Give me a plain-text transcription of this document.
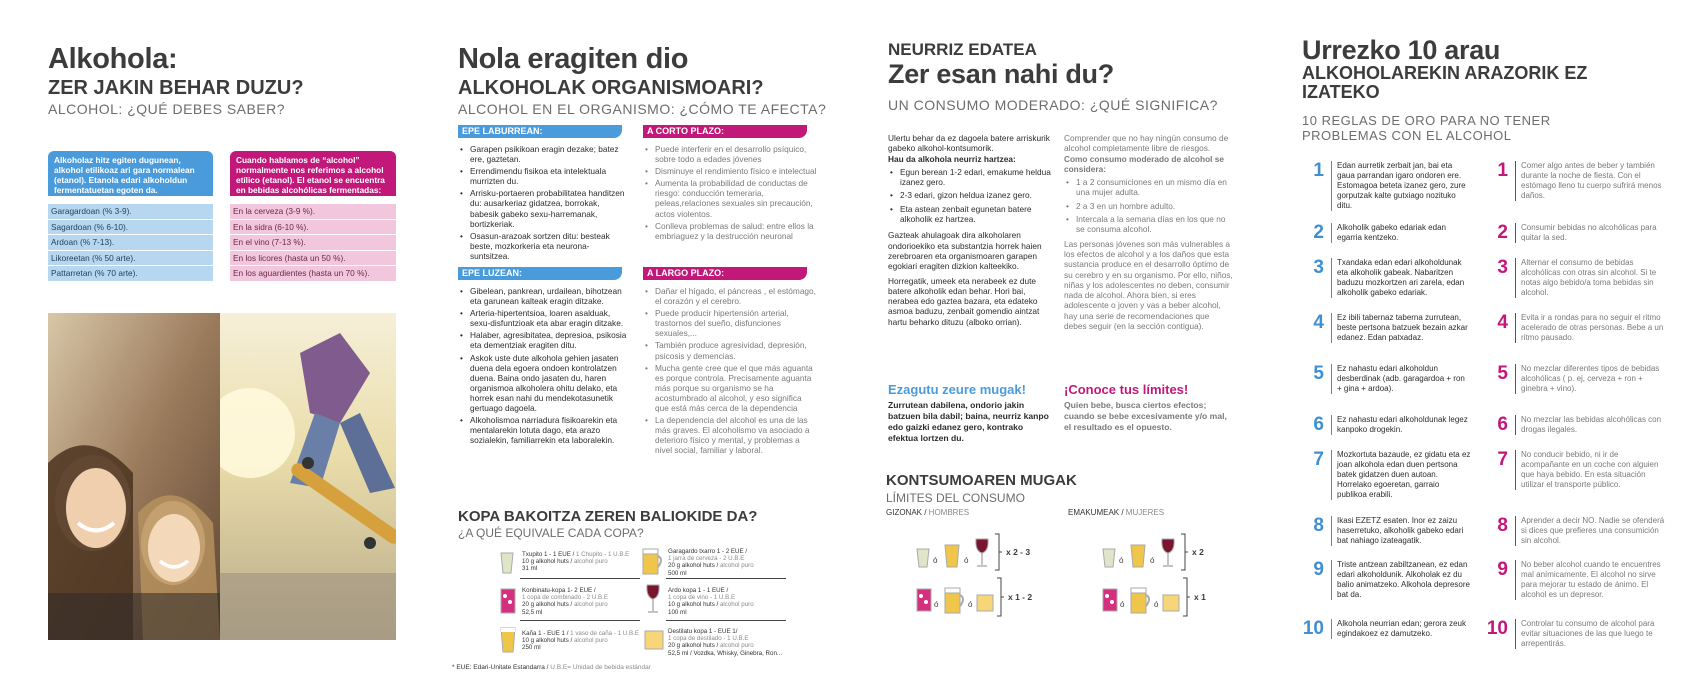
Alkohola:
ZER JAKIN BEHAR DUZU?
ALCOHOL: ¿QUÉ DEBES SABER?
Alkoholaz hitz egiten dugunean, alkohol etilikoaz ari gara normalean (etanol). Etanola edari alkoholdun fermentatuetan egoten da.
Cuando hablamos de “alcohol” normalmente nos referimos a alcohol etílico (etanol). El etanol se encuentra en bebidas alcohólicas fermentadas:
Garagardoan (% 3-9).
Sagardoan (% 6-10).
Ardoan (% 7-13).
Likoreetan (% 50 arte).
Pattarretan (% 70 arte).
En la cerveza (3-9 %).
En la sidra (6-10 %).
En el vino (7-13 %).
En los licores (hasta un 50 %).
En los aguardientes (hasta un 70 %).
Nola eragiten dio
ALKOHOLAK ORGANISMOARI?
ALCOHOL EN EL ORGANISMO: ¿CÓMO TE AFECTA?
EPE LABURREAN:	A CORTO PLAZO:
• Garapen psikikoan eragin dezake; batez ere, gaztetan.
• Errendimendu fisikoa eta intelektuala murrizten du.
• Arrisku-portaeren probabilitatea handitzen du: ausarkeriaz gidatzea, borrokak, babesik gabeko sexu-harremanak, bortizkeriak.
• Osasun-arazoak sortzen ditu: besteak beste, mozkorkeria eta neurona-suntsitzea.
• Puede interferir en el desarrollo psíquico, sobre todo a edades jóvenes
• Disminuye el rendimiento físico e intelectual
• Aumenta la probabilidad de conductas de riesgo: conducción temeraria, peleas,relaciones sexuales sin precaución, actos violentos.
• Conlleva problemas de salud: entre ellos la embriaguez y la destrucción neuronal
EPE LUZEAN:	A LARGO PLAZO:
• Gibelean, pankrean, urdailean, bihotzean eta garunean kalteak eragin ditzake.
• Arteria-hipertentsioa, loaren asalduak, sexu-disfuntzioak eta abar eragin ditzake.
• Halaber, agresibitatea, depresioa, psikosia eta dementziak eragiten ditu.
• Askok uste dute alkohola gehien jasaten duena dela egoera ondoen kontrolatzen duena. Baina ondo jasaten du, haren organismoa alkoholera ohitu delako, eta horrek esan nahi du mendekotasunetik gertuago dagoela.
• Alkoholismoa narriadura fisikoarekin eta mentalarekin lotuta dago, eta arazo sozialekin, familiarrekin eta laboralekin.
• Dañar el hígado, el páncreas , el estómago, el corazón y el cerebro.
• Puede producir hipertensión arterial, trastornos del sueño, disfunciones sexuales,...
• También produce agresividad, depresión, psicosis y demencias.
• Mucha gente cree que el que más aguanta es porque controla. Precisamente aguanta más porque su organismo se ha acostumbrado al alcohol, y eso significa que está más cerca de la dependencia
• La dependencia del alcohol es una de las más graves. El alcoholismo va asociado a deterioro físico y mental, y problemas a nivel social, familiar y laboral.
KOPA BAKOITZA ZEREN BALIOKIDE DA?
¿A QUÉ EQUIVALE CADA COPA?
Txupito 1 - 1 EUE / 1 Chupito - 1 U.B.E
10 g alkohol huts / alcohol puro
31 ml
Garagardo txarro 1 - 2 EUE /
1 jarra de cerveza - 2 U.B.E
20 g alkohol huts / alcohol puro
500 ml
Konbinatu-kopa 1- 2 EUE /
1 copa de combinado - 2 U.B.E
20 g alkohol huts / alcohol puro
52,5 ml
Ardo kopa 1 - 1 EUE /
1 copa de vino - 1 U.B.E
10 g alkohol huts / alcohol puro
100 ml
Kaña 1 - EUE 1 / 1 vaso de caña - 1 U.B.E
10 g alkohol huts / alcohol puro
250 ml
Destilatu kopa 1 - EUE 1/
1 copa de destilado - 1 U.B.E
20 g alkohol huts / alcohol puro
52,5 ml / Vozdka, Whisky, Ginebra, Ron...
* EUE: Edari-Unitate Estandarra / U.B.E= Unidad de bebida estándar
NEURRIZ EDATEA
Zer esan nahi du?
UN CONSUMO MODERADO: ¿QUÉ SIGNIFICA?
Ulertu behar da ez dagoela batere arriskurik gabeko alkohol-kontsumorik.
Hau da alkohola neurriz hartzea:
• Egun berean 1-2 edari, emakume helduа izanez gero.
• 2-3 edari, gizon heldua izanez gero.
• Eta astean zenbait egunetan batere alkoholik ez hartzea.
Gazteak ahulagoak dira alkoholaren ondorioekiko eta substantzia horrek haien zerebroaren eta organismoaren garapen egokiari eragiten dizkion kalteekiko.
Horregatik, umeek eta nerabeek ez dute batere alkoholik edan behar. Hori bai, nerabea edo gaztea bazara, eta edateko asmoa baduzu, zenbait gomendio aintzat hartu beharko dituzu (alboko orrian).
Comprender que no hay ningún consumo de alcohol completamente libre de riesgos. Como consumo moderado de alcohol se considera:
• 1 a 2 consumiciones en un mismo día en una mujer adulta.
• 2 a 3 en un hombre adulto.
• Intercala a la semana días en los que no se consuma alcohol.
Las personas jóvenes son más vulnerables a los efectos de alcohol y a los daños que esta sustancia produce en el desarrollo óptimo de su cerebro y en su organismo. Por ello, niños, niñas y los adolescentes no deben, consumir nada de alcohol. Ahora bien, si eres adolescente o joven y vas a beber alcohol, hay una serie de recomendaciones que debes seguir (en la sección contigua).
Ezagutu zeure mugak!
Zurrutean dabilena, ondorio jakin batzuen bila dabil; baina, neurriz kanpo edo gaizki edanez gero, kontrako efektua lortzen du.
¡Conoce tus límites!
Quien bebe, busca ciertos efectos; cuando se bebe excesivamente y/o mal, el resultado es el opuesto.
KONTSUMOAREN MUGAK
LÍMITES DEL CONSUMO
GIZONAK / HOMBRES	EMAKUMEAK / MUJERES
ó	ó
x 2 - 3
ó	ó
x 1 - 2
ó	ó
x 2
ó	ó
x 1
Urrezko 10 arau
ALKOHOLAREKIN ARAZORIK EZ IZATEKO
10 REGLAS DE ORO PARA NO TENER PROBLEMAS CON EL ALCOHOL
1	Edan aurretik zerbait jan, bai eta gaua parrandan igaro ondoren ere. Estomagoa beteta izanez gero, zure gorputzak kalte gutxiago nozituko ditu.
1	Comer algo antes de beber y también durante la noche de fiesta. Con el estómago lleno tu cuerpo sufrirá menos daños.
2	Alkoholik gabeko edariak edan egarria kentzeko.	2	Consumir bebidas no alcohólicas para quitar la sed.
3	Txandaka edan edari alkoholdunak eta alkoholik gabeak. Nabaritzen baduzu mozkortzen ari zarela, edan alkoholik gabeko edariak.
3	Alternar el consumo de bebidas alcohólicas con otras sin alcohol. Si te notas algo bebido/a toma bebidas sin alcohol.
4	Ez ibili tabernaz taberna zurrutean, beste pertsona batzuek bezain azkar edanez. Edan patxadaz.
4	Evita ir a rondas para no seguir el ritmo acelerado de otras personas. Bebe a un ritmo pausado.
5	Ez nahastu edari alkoholdun desberdinak (adb. garagardoa + ron + gina + ardoa).
5	No mezclar diferentes tipos de bebidas alcohólicas ( p. ej, cerveza + ron + ginebra + vino).
6	Ez nahastu edari alkoholdunak legez kanpoko drogekin.	6	No mezclar las bebidas alcohólicas con drogas ilegales.
7	Mozkortuta bazaude, ez gidatu eta ez joan alkohola edan duen pertsona batek gidatzen duen autoan. Horrelako egoeretan, garraio publikoa erabili.
7	No conducir bebido, ni ir de acompañante en un coche con alguien que haya bebido. En esta situación utilizar el transporte público.
8	Ikasi EZETZ esaten. Inor ez zaizu haserretuko, alkoholik gabeko edari bat nahiago izateagatik.
8	Aprender a decir NO. Nadie se ofenderá si dices que prefieres una consumición sin alcohol.
9	Triste antzean zabiltzanean, ez edan edari alkoholdunik. Alkoholak ez du balio animatzeko. Alkohola depresore bat da.
9	No beber alcohol cuando te encuentres mal anímicamente. El alcohol no sirve para mejorar tu estado de ánimo. El alcohol es un depresor.
10	Alkohola neurrian edan; gerora zeuk egindakoez ez damutzeko.	10	Controlar tu consumo de alcohol para evitar situaciones de las que luego te arrepentirás.
